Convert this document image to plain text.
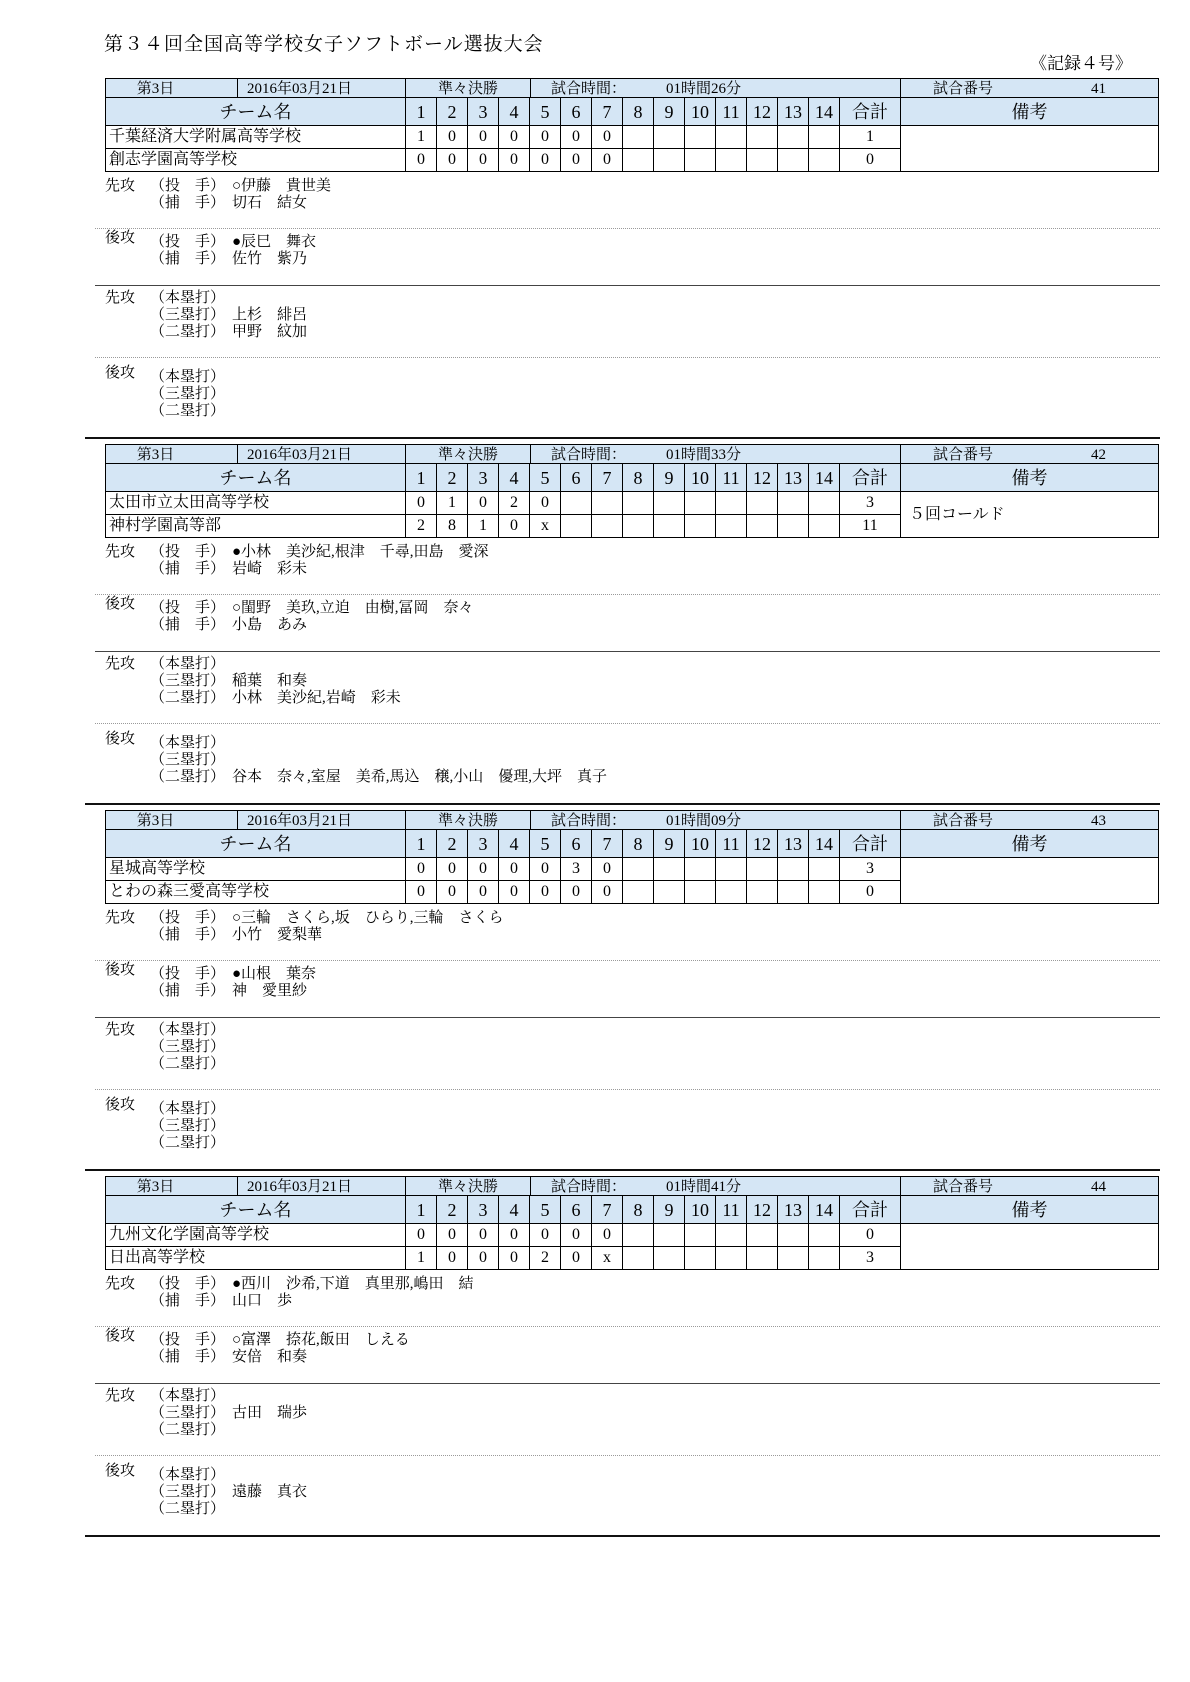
第３４回全国高等学校女子ソフトボール選抜大会
《記録４号》
第3日	2016年03月21日	準々決勝	試合時間：	01時間26分	試合番号	41
チーム名	1	2	3	4	5	6	7	8	9	10	11	12	13	14	合計	備考
千葉経済大学附属高等学校	1	0	0	0	0	0	0								1	
創志学園高等学校	0	0	0	0	0	0	0								0	
先攻 （投　手） ○伊藤　貴世美
（捕　手） 切石　結女
後攻 （投　手） ●辰巳　舞衣
（捕　手） 佐竹　紫乃
先攻 （本塁打）
（三塁打） 上杉　緋呂
（二塁打） 甲野　紋加
後攻 （本塁打）
（三塁打）
（二塁打）
第3日	2016年03月21日	準々決勝	試合時間：	01時間33分	試合番号	42
チーム名	1	2	3	4	5	6	7	8	9	10	11	12	13	14	合計	備考
太田市立太田高等学校	0	1	0	2	0										3	５回コールド
神村学園高等部	2	8	1	0	x										11	
先攻 （投　手） ●小林　美沙紀,根津　千尋,田島　愛深
（捕　手） 岩崎　彩未
後攻 （投　手） ○閨野　美玖,立迫　由樹,冨岡　奈々
（捕　手） 小島　あみ
先攻 （本塁打）
（三塁打） 稲葉　和奏
（二塁打） 小林　美沙紀,岩崎　彩未
後攻 （本塁打）
（三塁打）
（二塁打） 谷本　奈々,室屋　美希,馬込　穣,小山　優理,大坪　真子
第3日	2016年03月21日	準々決勝	試合時間：	01時間09分	試合番号	43
チーム名	1	2	3	4	5	6	7	8	9	10	11	12	13	14	合計	備考
星城高等学校	0	0	0	0	0	3	0								3	
とわの森三愛高等学校	0	0	0	0	0	0	0								0	
先攻 （投　手） ○三輪　さくら,坂　ひらり,三輪　さくら
（捕　手） 小竹　愛梨華
後攻 （投　手） ●山根　葉奈
（捕　手） 神　愛里紗
先攻 （本塁打）
（三塁打）
（二塁打）
後攻 （本塁打）
（三塁打）
（二塁打）
第3日	2016年03月21日	準々決勝	試合時間：	01時間41分	試合番号	44
チーム名	1	2	3	4	5	6	7	8	9	10	11	12	13	14	合計	備考
九州文化学園高等学校	0	0	0	0	0	0	0								0	
日出高等学校	1	0	0	0	2	0	x								3	
先攻 （投　手） ●西川　沙希,下道　真里那,嶋田　結
（捕　手） 山口　歩
後攻 （投　手） ○富澤　捺花,飯田　しえる
（捕　手） 安倍　和奏
先攻 （本塁打）
（三塁打） 古田　瑞歩
（二塁打）
後攻 （本塁打）
（三塁打） 遠藤　真衣
（二塁打）
